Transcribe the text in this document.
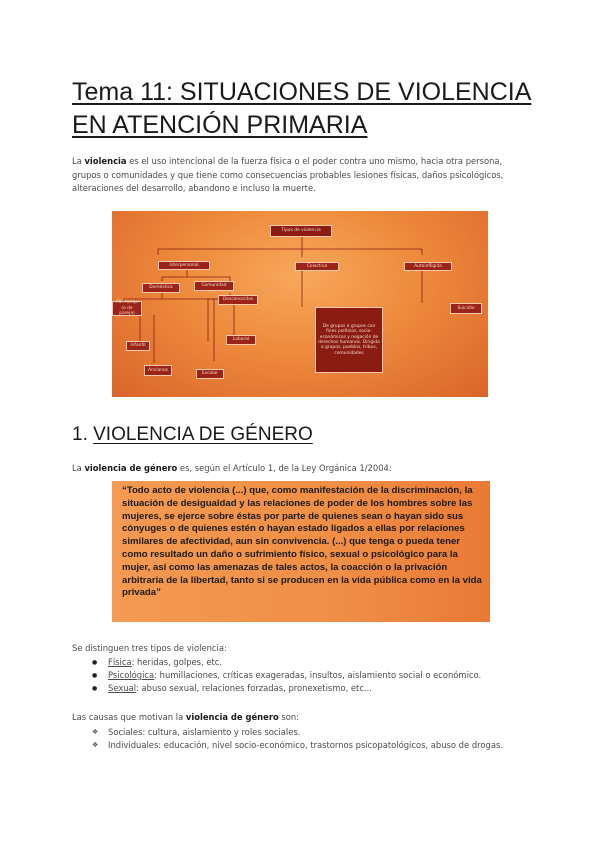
Tema 11: SITUACIONES DE VIOLENCIA
EN ATENCIÓN PRIMARIA

La violencia es el uso intencional de la fuerza física o el poder contra uno mismo, hacia otra persona, grupos o comunidades y que tiene como consecuencias probables lesiones físicas, daños psicológicos, alteraciones del desarrollo, abandono e incluso la muerte.

Tipos de violencia
Interpersonal	Colectiva	Autoinfligida
Doméstica	Comunidad
Mt. Pareja (o de pareja)
Infantil
Ancianos
Desconocidos
Laboral
Escolar
De grupos o grupos con fines políticos, socio-económicos y negación de derechos humanos. Dirigida a grupos, pueblos, tribus, comunidades
Suicidio
1. VIOLENCIA DE GÉNERO

La violencia de género es, según el Artículo 1, de la Ley Orgánica 1/2004:

“Todo acto de violencia (...) que, como manifestación de la discriminación, la situación de desigualdad y las relaciones de poder de los hombres sobre las mujeres, se ejerce sobre éstas por parte de quienes sean o hayan sido sus cónyuges o de quienes estén o hayan estado ligados a ellas por relaciones similares de afectividad, aun sin convivencia. (...) que tenga o pueda tener como resultado un daño o sufrimiento físico, sexual o psicológico para la mujer, así como las amenazas de tales actos, la coacción o la privación arbitraria de la libertad, tanto si se producen en la vida pública como en la vida privada”

Se distinguen tres tipos de violencia:

● Física: heridas, golpes, etc.
● Psicológica: humillaciones, críticas exageradas, insultos, aislamiento social o económico.
● Sexual: abuso sexual, relaciones forzadas, pronexetismo, etc...

Las causas que motivan la violencia de género son:

❖ Sociales: cultura, aislamiento y roles sociales.
❖ Individuales: educación, nivel socio-económico, trastornos psicopatológicos, abuso de drogas.
